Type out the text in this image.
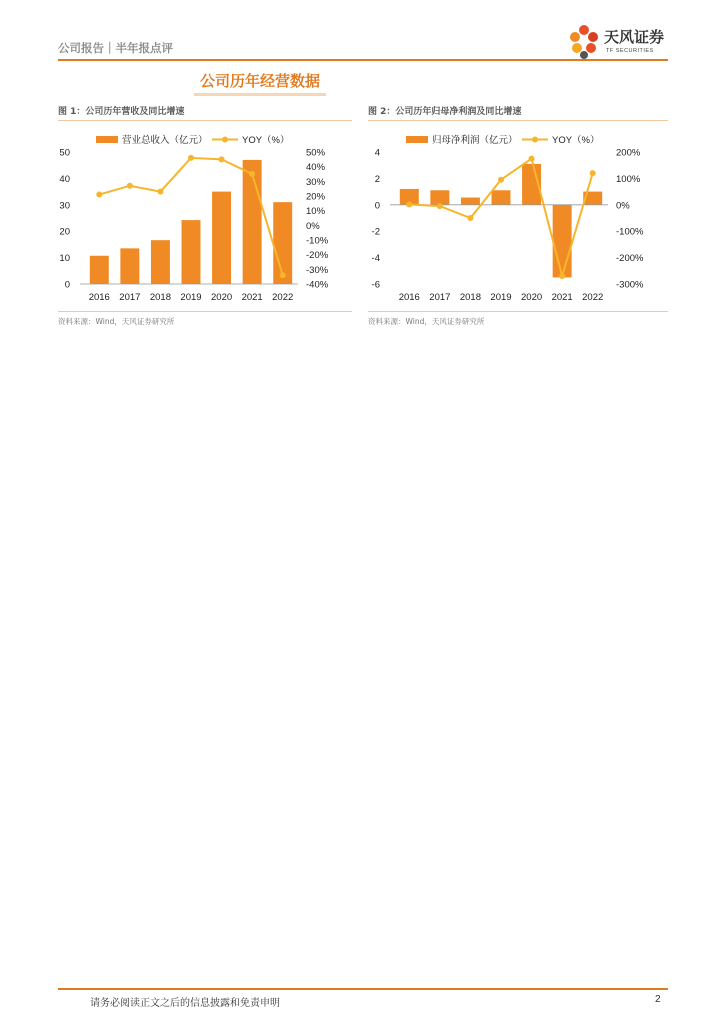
公司报告｜半年报点评
天风证券
TF SECURITIES
公司历年经营数据
图 1：公司历年营收及同比增速
营业总收入（亿元）	YOY（%）
0
10
20
30
40
50
-40%
-30%
-20%
-10%
0%
10%
20%
30%
40%
50%
2016 2017 2018 2019 2020 2021 2022
资料来源：Wind，天风证券研究所
图 2：公司历年归母净利润及同比增速
归母净利润（亿元）	YOY（%）
-6
-4
-2
0
2
4
-300%
-200%
-100%
0%
100%
200%
2016 2017 2018 2019 2020 2021 2022
资料来源：Wind，天风证券研究所
请务必阅读正文之后的信息披露和免责申明	2
